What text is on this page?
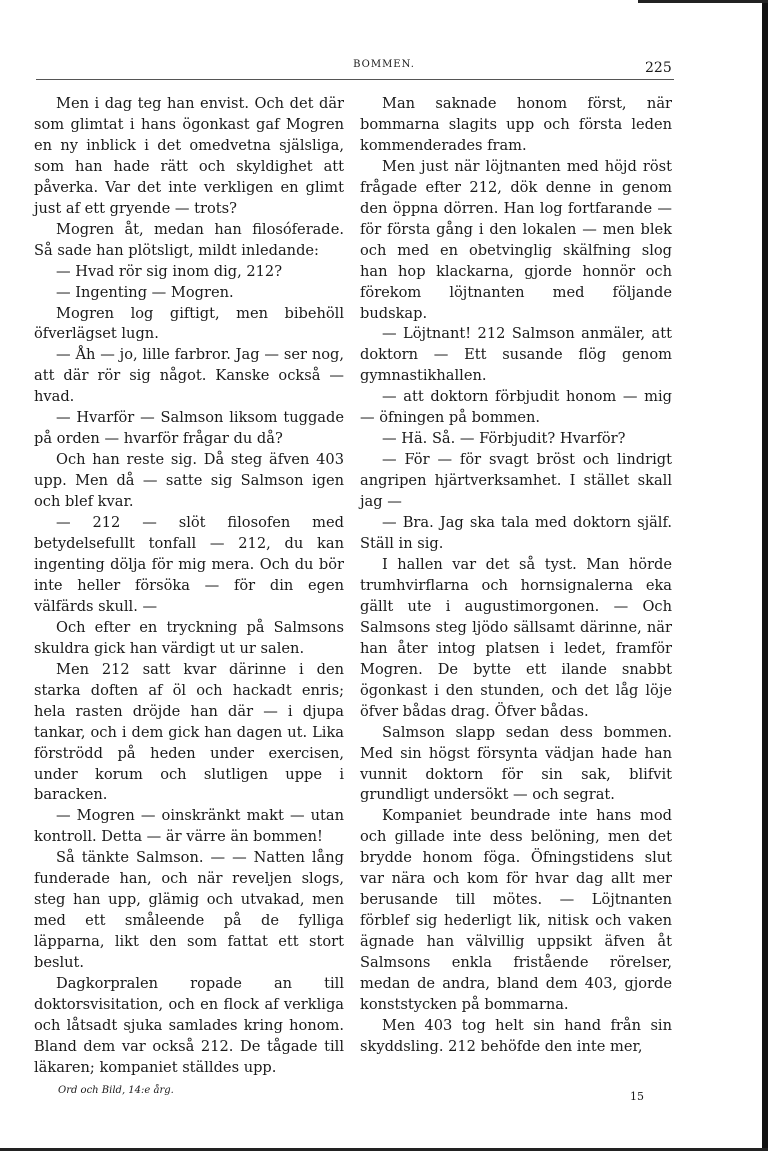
BOMMEN.	225

Men i dag teg han envist. Och det där som glimtat i hans ögonkast gaf Mogren en ny inblick i det omedvetna själsliga, som han hade rätt och skyldighet att påverka. Var det inte verkligen en glimt just af ett gryende — trots?

Mogren åt, medan han filosóferade. Så sade han plötsligt, mildt inledande:

— Hvad rör sig inom dig, 212?

— Ingenting — Mogren.

Mogren log giftigt, men bibehöll öfverlägset lugn.

— Åh — jo, lille farbror. Jag — ser nog, att där rör sig något. Kanske också — hvad.

— Hvarför — Salmson liksom tuggade på orden — hvarför frågar du då?

Och han reste sig. Då steg äfven 403 upp. Men då — satte sig Salmson igen och blef kvar.

— 212 — slöt filosofen med betydelsefullt tonfall — 212, du kan ingenting dölja för mig mera. Och du bör inte heller försöka — för din egen välfärds skull. —

Och efter en tryckning på Salmsons skuldra gick han värdigt ut ur salen.

Men 212 satt kvar därinne i den starka doften af öl och hackadt enris; hela rasten dröjde han där — i djupa tankar, och i dem gick han dagen ut. Lika förströdd på heden under exercisen, under korum och slutligen uppe i baracken.

— Mogren — oinskränkt makt — utan kontroll. Detta — är värre än bommen!

Så tänkte Salmson. — — Natten lång funderade han, och när reveljen slogs, steg han upp, glämig och utvakad, men med ett småleende på de fylliga läpparna, likt den som fattat ett stort beslut.

Dagkorpralen ropade an till doktorsvisitation, och en flock af verkliga och låtsadt sjuka samlades kring honom. Bland dem var också 212. De tågade till läkaren; kompaniet ställdes upp.

Man saknade honom först, när bommarna slagits upp och första leden kommenderades fram.

Men just när löjtnanten med höjd röst frågade efter 212, dök denne in genom den öppna dörren. Han log fortfarande — för första gång i den lokalen — men blek och med en obetvinglig skälfning slog han hop klackarna, gjorde honnör och förekom löjtnanten med följande budskap.

— Löjtnant! 212 Salmson anmäler, att doktorn — Ett susande flög genom gymnastikhallen.

— att doktorn förbjudit honom — mig — öfningen på bommen.

— Hä. Så. — Förbjudit? Hvarför?

— För — för svagt bröst och lindrigt angripen hjärtverksamhet. I stället skall jag —

— Bra. Jag ska tala med doktorn själf. Ställ in sig.

I hallen var det så tyst. Man hörde trumhvirflarna och hornsignalerna eka gällt ute i augustimorgonen. — Och Salmsons steg ljödo sällsamt därinne, när han åter intog platsen i ledet, framför Mogren. De bytte ett ilande snabbt ögonkast i den stunden, och det låg löje öfver bådas drag. Öfver bådas.

Salmson slapp sedan dess bommen. Med sin högst försynta vädjan hade han vunnit doktorn för sin sak, blifvit grundligt undersökt — och segrat.

Kompaniet beundrade inte hans mod och gillade inte dess belöning, men det brydde honom föga. Öfningstidens slut var nära och kom för hvar dag allt mer berusande till mötes. — Löjtnanten förblef sig hederligt lik, nitisk och vaken ägnade han välvillig uppsikt äfven åt Salmsons enkla fristående rörelser, medan de andra, bland dem 403, gjorde konststycken på bommarna.

Men 403 tog helt sin hand från sin skyddsling. 212 behöfde den inte mer,

Ord och Bild, 14:e årg.	15
